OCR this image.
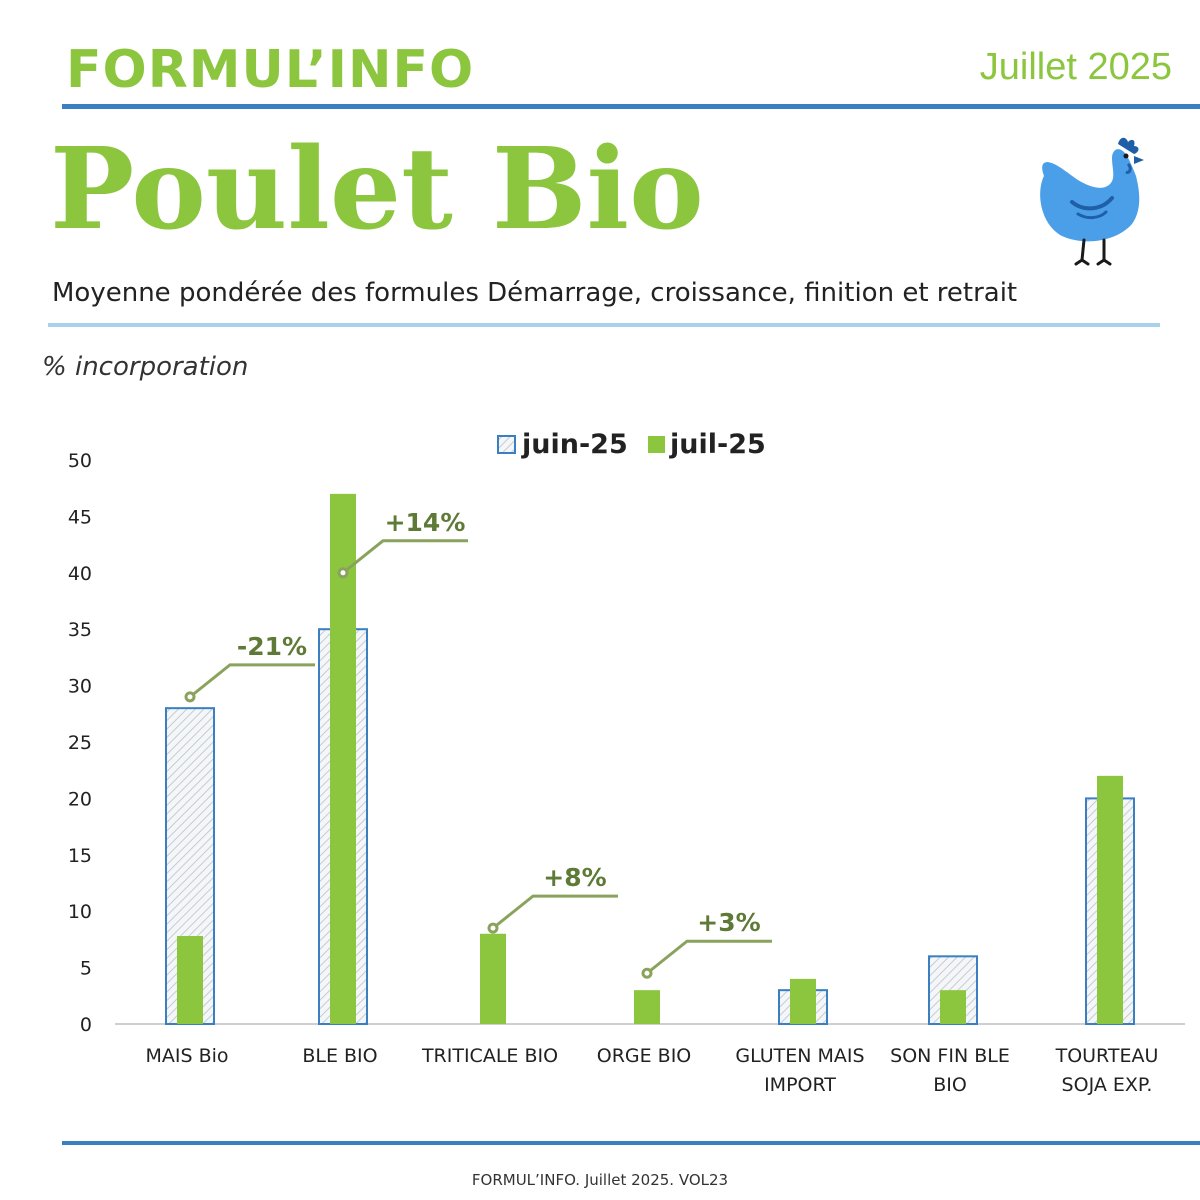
FORMUL’INFO	Juillet 2025
Poulet Bio
Moyenne pondérée des formules Démarrage, croissance, finition et retrait
% incorporation
0
5
10
15
20
25
30
35
40
45
50
MAIS Bio	BLE BIO TRITICALE BIO ORGE BIO GLUTEN MAIS
IMPORT
SON FIN BLE
BIO
TOURTEAU
SOJA EXP.
-21%
+14%
+8%
+3%
juin-25 juil-25
FORMUL’INFO. Juillet 2025. VOL23
